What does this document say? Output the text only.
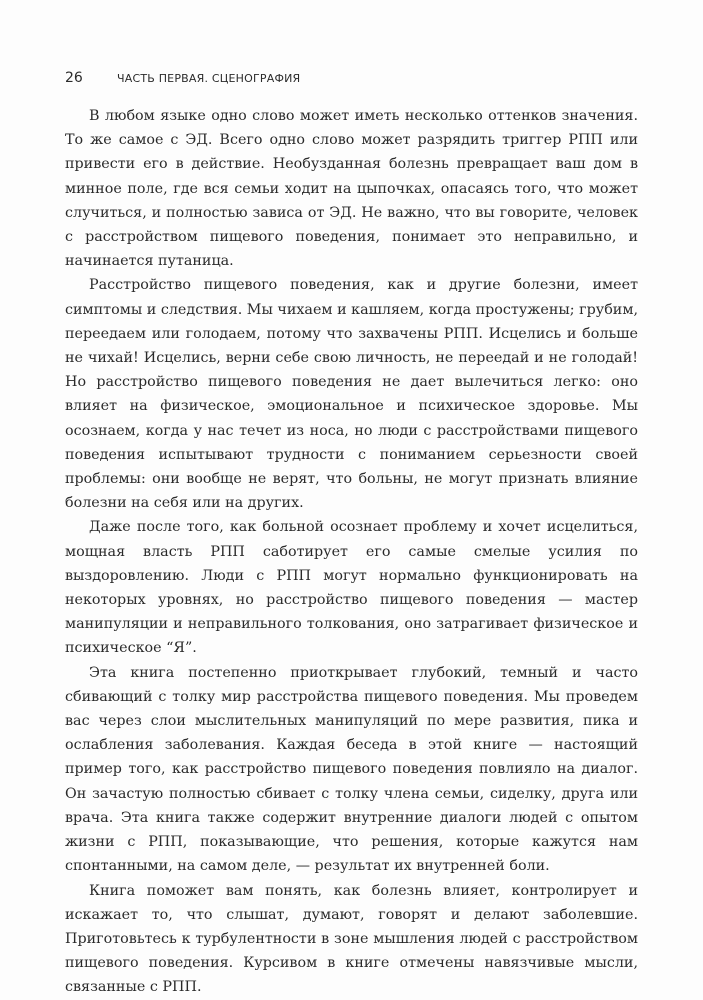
26	ЧАСТЬ ПЕРВАЯ. СЦЕНОГРАФИЯ

В любом языке одно слово может иметь несколько оттенков значения. То же самое с ЭД. Всего одно слово может разрядить триггер РПП или привести его в действие. Необузданная болезнь превращает ваш дом в минное поле, где вся семьи ходит на цыпочках, опасаясь того, что может случиться, и полностью зависа от ЭД. Не важно, что вы говорите, человек с расстройством пищевого поведения, понимает это неправильно, и начинается путаница.

Расстройство пищевого поведения, как и другие болезни, имеет симптомы и следствия. Мы чихаем и кашляем, когда простужены; грубим, переедаем или голодаем, потому что захвачены РПП. Исцелись и больше не чихай! Исцелись, верни себе свою личность, не переедай и не голодай! Но расстройство пищевого поведения не дает вылечиться легко: оно влияет на физическое, эмоциональное и психическое здоровье. Мы осознаем, когда у нас течет из носа, но люди с расстройствами пищевого поведения испытывают трудности с пониманием серьезности своей проблемы: они вообще не верят, что больны, не могут признать влияние болезни на себя или на других.

Даже после того, как больной осознает проблему и хочет исцелиться, мощная власть РПП саботирует его самые смелые усилия по выздоровлению. Люди с РПП могут нормально функционировать на некоторых уровнях, но расстройство пищевого поведения — мастер манипуляции и неправильного толкования, оно затрагивает физическое и психическое “Я”.

Эта книга постепенно приоткрывает глубокий, темный и часто сбивающий с толку мир расстройства пищевого поведения. Мы проведем вас через слои мыслительных манипуляций по мере развития, пика и ослабления заболевания. Каждая беседа в этой книге — настоящий пример того, как расстройство пищевого поведения повлияло на диалог. Он зачастую полностью сбивает с толку члена семьи, сиделку, друга или врача. Эта книга также содержит внутренние диалоги людей с опытом жизни с РПП, показывающие, что решения, которые кажутся нам спонтанными, на самом деле, — результат их внутренней боли.

Книга поможет вам понять, как болезнь влияет, контролирует и искажает то, что слышат, думают, говорят и делают заболевшие. Приготовьтесь к турбулентности в зоне мышления людей с расстройством пищевого поведения. Курсивом в книге отмечены навязчивые мысли, связанные с РПП.
